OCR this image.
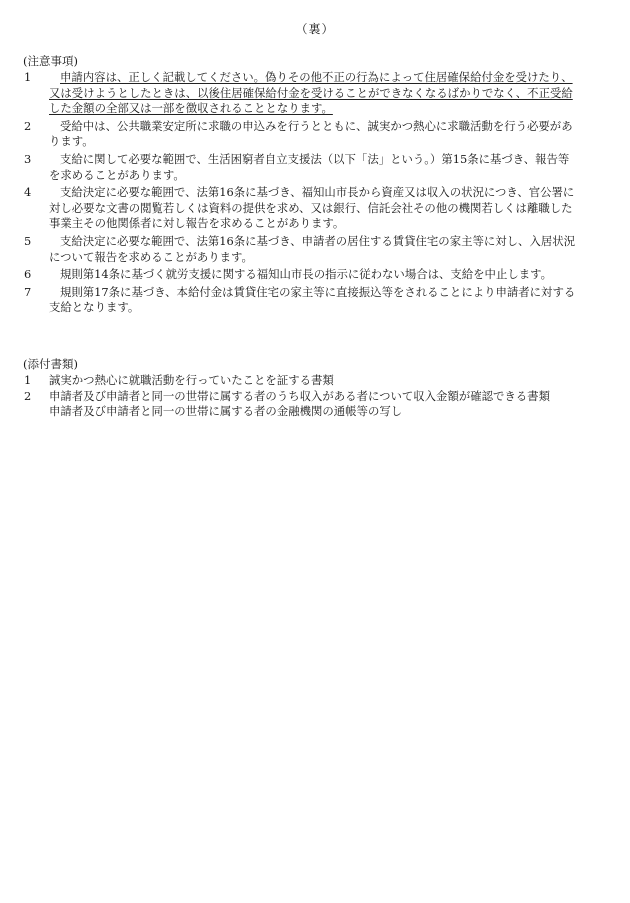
（裏）
(注意事項)
1	申請内容は、正しく記載してください。偽りその他不正の行為によって住居確保給付金を受けたり、
又は受けようとしたときは、以後住居確保給付金を受けることができなくなるばかりでなく、不正受給
した金額の全部又は一部を徴収されることとなります。
2	受給中は、公共職業安定所に求職の申込みを行うとともに、誠実かつ熱心に求職活動を行う必要があ
ります。
3	支給に関して必要な範囲で、生活困窮者自立支援法（以下「法」という。）第15条に基づき、報告等
を求めることがあります。
4	支給決定に必要な範囲で、法第16条に基づき、福知山市長から資産又は収入の状況につき、官公署に
対し必要な文書の閲覧若しくは資料の提供を求め、又は銀行、信託会社その他の機関若しくは離職した
事業主その他関係者に対し報告を求めることがあります。
5	支給決定に必要な範囲で、法第16条に基づき、申請者の居住する賃貸住宅の家主等に対し、入居状況
について報告を求めることがあります。
6	規則第14条に基づく就労支援に関する福知山市長の指示に従わない場合は、支給を中止します。
7	規則第17条に基づき、本給付金は賃貸住宅の家主等に直接振込等をされることにより申請者に対する
支給となります。
(添付書類)
1	誠実かつ熱心に就職活動を行っていたことを証する書類
2	申請者及び申請者と同一の世帯に属する者のうち収入がある者について収入金額が確認できる書類
申請者及び申請者と同一の世帯に属する者の金融機関の通帳等の写し
